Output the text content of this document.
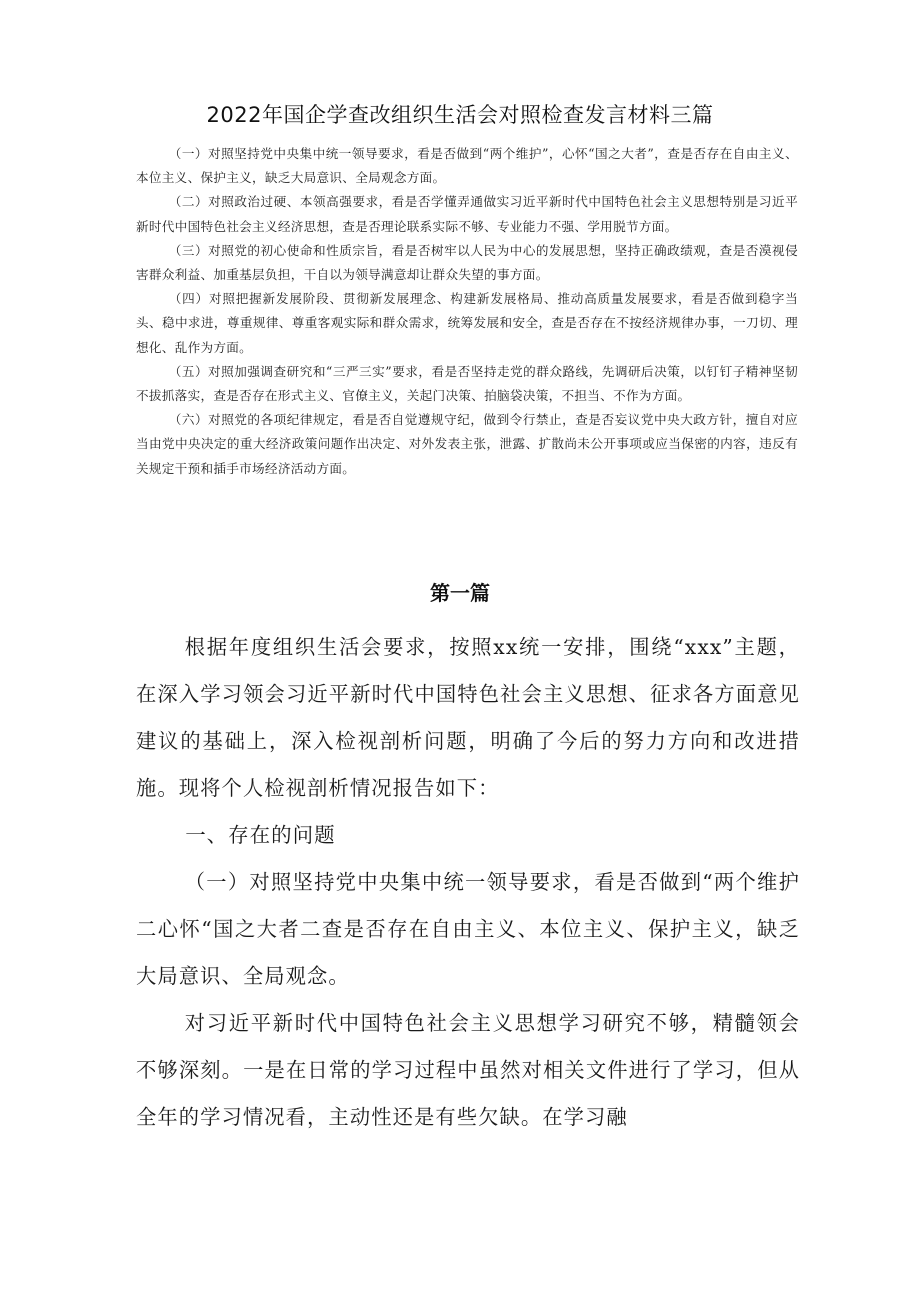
2022年国企学查改组织生活会对照检查发言材料三篇

（一）对照坚持党中央集中统一领导要求，看是否做到“两个维护”，心怀“国之大者”，查是否存在自由主义、本位主义、保护主义，缺乏大局意识、全局观念方面。

（二）对照政治过硬、本领高强要求，看是否学懂弄通做实习近平新时代中国特色社会主义思想特别是习近平新时代中国特色社会主义经济思想，查是否理论联系实际不够、专业能力不强、学用脱节方面。

（三）对照党的初心使命和性质宗旨，看是否树牢以人民为中心的发展思想，坚持正确政绩观，查是否漠视侵害群众利益、加重基层负担，干自以为领导满意却让群众失望的事方面。

（四）对照把握新发展阶段、贯彻新发展理念、构建新发展格局、推动高质量发展要求，看是否做到稳字当头、稳中求进，尊重规律、尊重客观实际和群众需求，统筹发展和安全，查是否存在不按经济规律办事，一刀切、理想化、乱作为方面。

（五）对照加强调查研究和“三严三实”要求，看是否坚持走党的群众路线，先调研后决策，以钉钉子精神坚韧不拔抓落实，查是否存在形式主义、官僚主义，关起门决策、拍脑袋决策，不担当、不作为方面。

（六）对照党的各项纪律规定，看是否自觉遵规守纪，做到令行禁止，查是否妄议党中央大政方针，擅自对应当由党中央决定的重大经济政策问题作出决定、对外发表主张，泄露、扩散尚未公开事项或应当保密的内容，违反有关规定干预和插手市场经济活动方面。

第一篇

根据年度组织生活会要求，按照xx统一安排，围绕“xxx”主题，在深入学习领会习近平新时代中国特色社会主义思想、征求各方面意见建议的基础上，深入检视剖析问题，明确了今后的努力方向和改进措施。现将个人检视剖析情况报告如下：

一、存在的问题

（一）对照坚持党中央集中统一领导要求，看是否做到“两个维护二心怀“国之大者二查是否存在自由主义、本位主义、保护主义，缺乏大局意识、全局观念。

对习近平新时代中国特色社会主义思想学习研究不够，精髓领会不够深刻。一是在日常的学习过程中虽然对相关文件进行了学习，但从全年的学习情况看，主动性还是有些欠缺。在学习融
